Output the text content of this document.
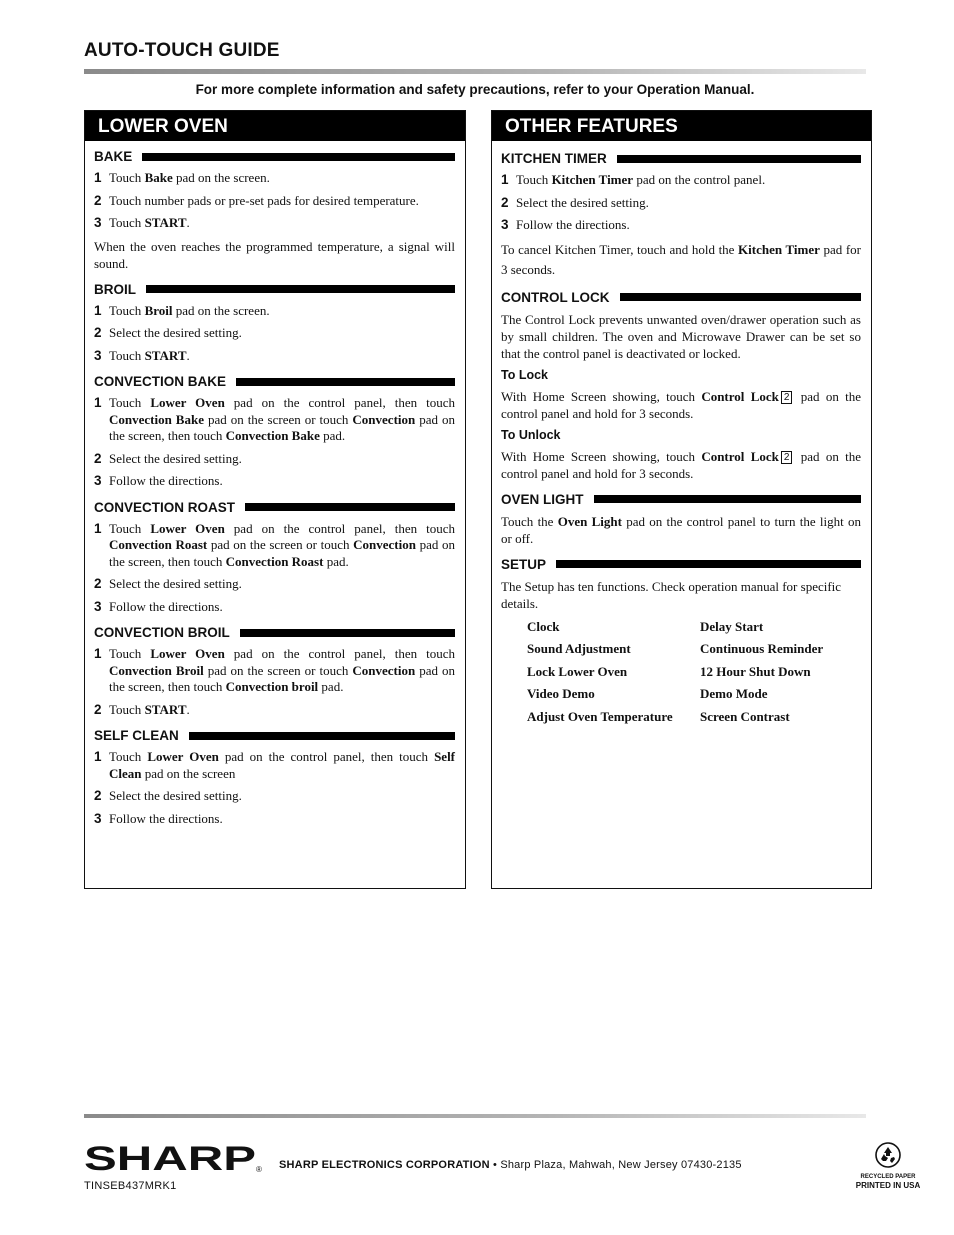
AUTO-TOUCH GUIDE
For more complete information and safety precautions, refer to your Operation Manual.
LOWER OVEN
BAKE
1 Touch Bake pad on the screen.
2 Touch number pads or pre-set pads for desired temperature.
3 Touch START.
When the oven reaches the programmed temperature, a signal will sound.
BROIL
1 Touch Broil pad on the screen.
2 Select the desired setting.
3 Touch START.
CONVECTION BAKE
1 Touch Lower Oven pad on the control panel, then touch Convection Bake pad on the screen or touch Convection pad on the screen, then touch Convection Bake pad.
2 Select the desired setting.
3 Follow the directions.
CONVECTION ROAST
1 Touch Lower Oven pad on the control panel, then touch Convection Roast pad on the screen or touch Convection pad on the screen, then touch Convection Roast pad.
2 Select the desired setting.
3 Follow the directions.
CONVECTION BROIL
1 Touch Lower Oven pad on the control panel, then touch Convection Broil pad on the screen or touch Convection pad on the screen, then touch Convection broil pad.
2 Touch START.
SELF CLEAN
1 Touch Lower Oven pad on the control panel, then touch Self Clean pad on the screen
2 Select the desired setting.
3 Follow the directions.
OTHER FEATURES
KITCHEN TIMER
1 Touch Kitchen Timer pad on the control panel.
2 Select the desired setting.
3 Follow the directions.
To cancel Kitchen Timer, touch and hold the Kitchen Timer pad for 3 seconds.
CONTROL LOCK
The Control Lock prevents unwanted oven/drawer operation such as by small children. The oven and Microwave Drawer can be set so that the control panel is deactivated or locked.
To Lock
With Home Screen showing, touch Control Lock 2 pad on the control panel and hold for 3 seconds.
To Unlock
With Home Screen showing, touch Control Lock 2 pad on the control panel and hold for 3 seconds.
OVEN LIGHT
Touch the Oven Light pad on the control panel to turn the light on or off.
SETUP
The Setup has ten functions. Check operation manual for specific details.
Clock	Delay Start
Sound Adjustment	Continuous Reminder
Lock Lower Oven	12 Hour Shut Down
Video Demo	Demo Mode
Adjust Oven Temperature	Screen Contrast
SHARP ® SHARP ELECTRONICS CORPORATION • Sharp Plaza, Mahwah, New Jersey 07430-2135
TINSEB437MRK1
RECYCLED PAPER
PRINTED IN USA
